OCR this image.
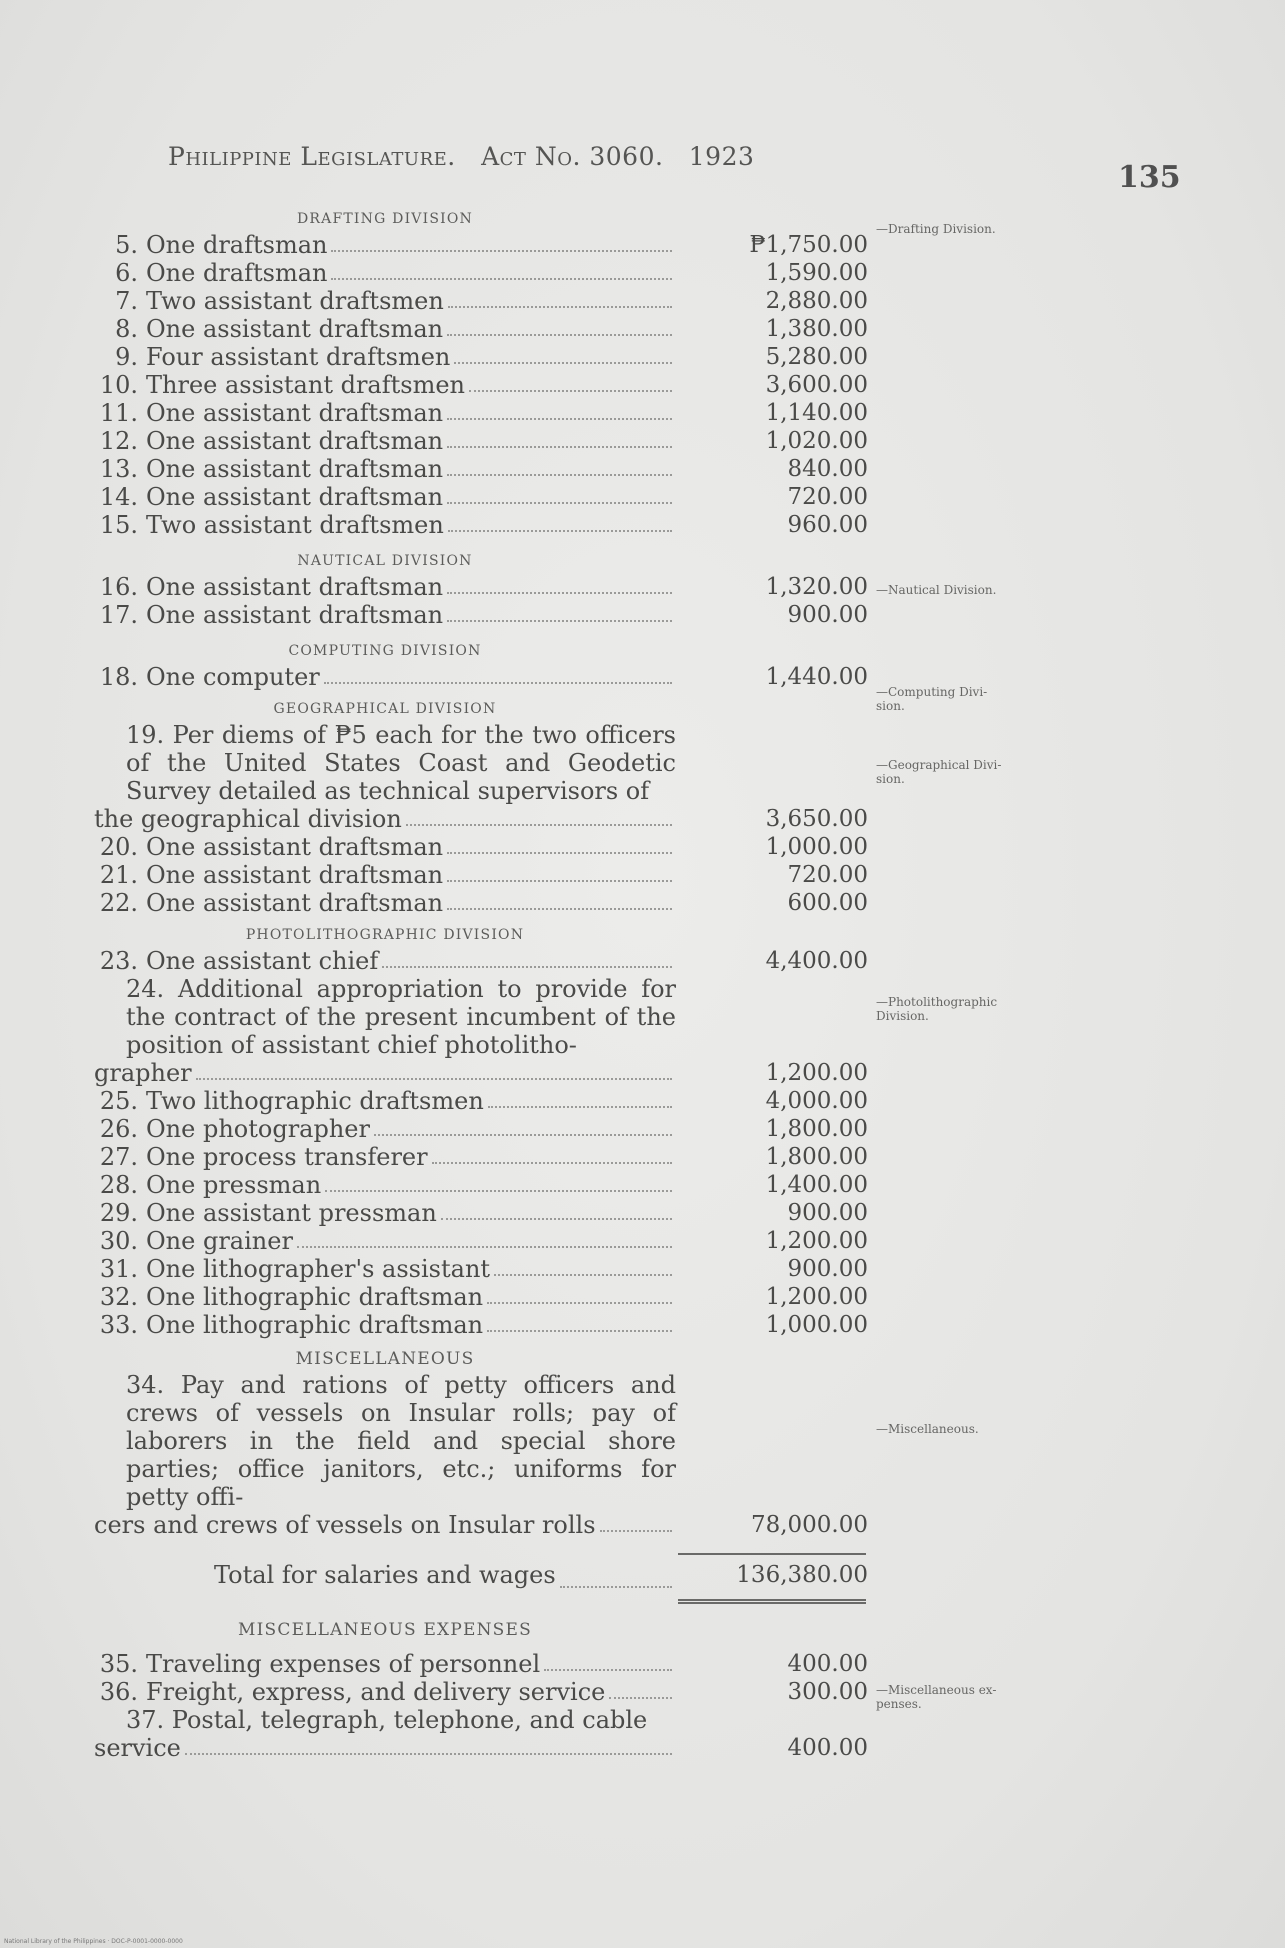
Philippine Legislature. Act No. 3060. 1923
135
—Drafting Division.
—Nautical Division.
—Computing Divi-
sion.
—Geographical Divi-
sion.
—Photolithographic
Division.
—Miscellaneous.
—Miscellaneous ex-
penses.
DRAFTING DIVISION
5. One draftsman	₱1,750.00
6. One draftsman	1,590.00
7. Two assistant draftsmen	2,880.00
8. One assistant draftsman	1,380.00
9. Four assistant draftsmen	5,280.00
10. Three assistant draftsmen	3,600.00
11. One assistant draftsman	1,140.00
12. One assistant draftsman	1,020.00
13. One assistant draftsman	840.00
14. One assistant draftsman	720.00
15. Two assistant draftsmen	960.00
NAUTICAL DIVISION
16. One assistant draftsman	1,320.00
17. One assistant draftsman	900.00
COMPUTING DIVISION
18. One computer	1,440.00
GEOGRAPHICAL DIVISION
19. Per diems of ₱5 each for the two officers of the United States Coast and Geodetic Survey detailed as technical supervisors of
the geographical division	3,650.00
20. One assistant draftsman	1,000.00
21. One assistant draftsman	720.00
22. One assistant draftsman	600.00
PHOTOLITHOGRAPHIC DIVISION
23. One assistant chief	4,400.00
24. Additional appropriation to provide for the contract of the present incumbent of the position of assistant chief photolitho-
grapher	1,200.00
25. Two lithographic draftsmen	4,000.00
26. One photographer	1,800.00
27. One process transferer	1,800.00
28. One pressman	1,400.00
29. One assistant pressman	900.00
30. One grainer	1,200.00
31. One lithographer's assistant	900.00
32. One lithographic draftsman	1,200.00
33. One lithographic draftsman	1,000.00
MISCELLANEOUS
34. Pay and rations of petty officers and crews of vessels on Insular rolls; pay of laborers in the field and special shore parties; office janitors, etc.; uniforms for petty offi-
cers and crews of vessels on Insular rolls	78,000.00
Total for salaries and wages	136,380.00
MISCELLANEOUS EXPENSES
35. Traveling expenses of personnel	400.00
36. Freight, express, and delivery service	300.00
37. Postal, telegraph, telephone, and cable
service	400.00
National Library of the Philippines · DOC-P-0001-0000-0000
